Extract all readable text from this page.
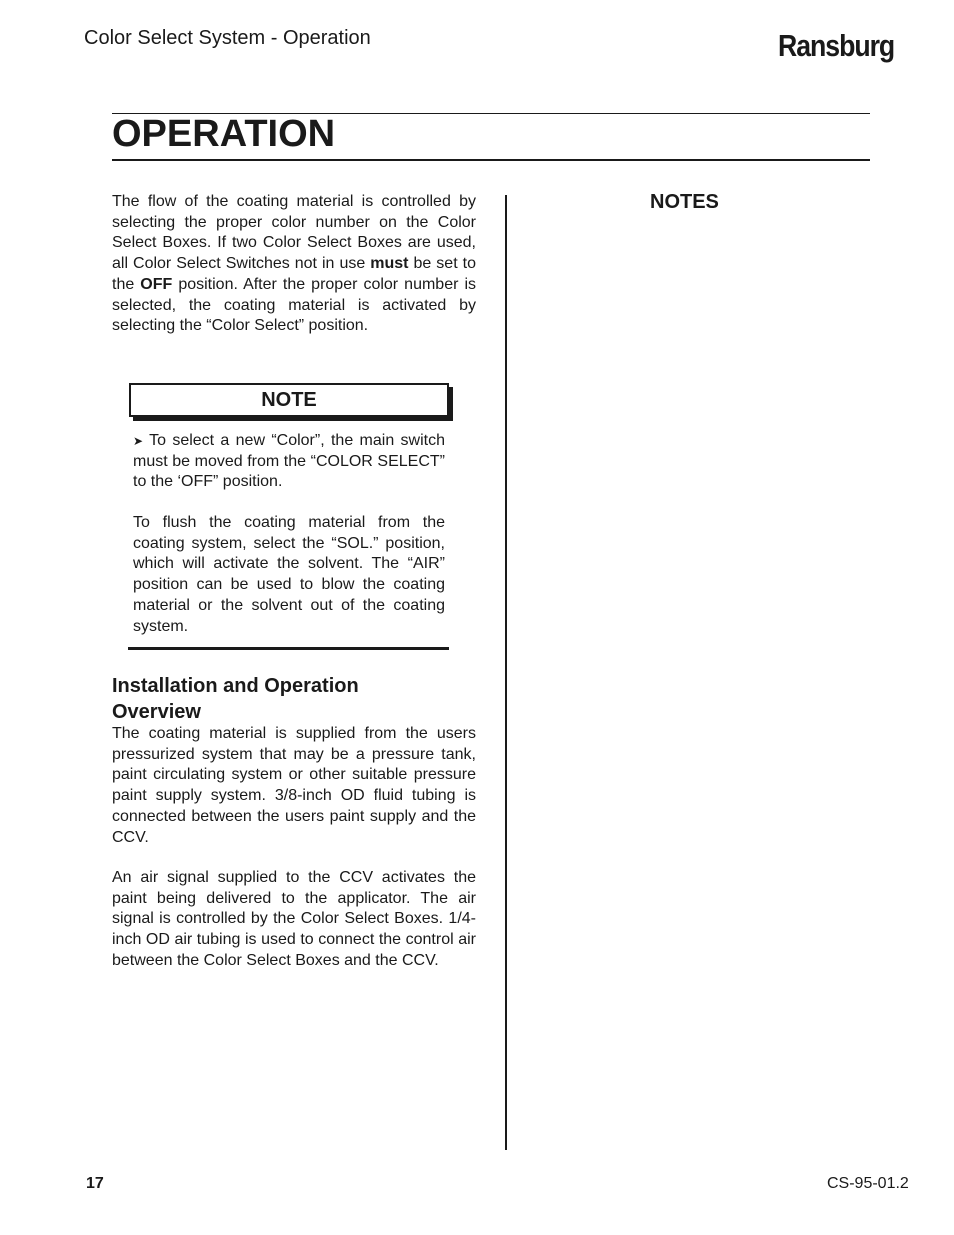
Color Select System - Operation	Ransburg
OPERATION

The flow of the coating material is controlled by selecting the proper color number on the Color Select Boxes. If two Color Select Boxes are used, all Color Select Switches not in use must be set to the OFF position. After the proper color number is selected, the coating material is activated by selecting the “Color Select” position.

NOTE

➤ To select a new “Color”, the main switch must be moved from the “COLOR SELECT” to the ‘OFF” position.

To flush the coating material from the coating system, select the “SOL.” position, which will activate the solvent. The “AIR” position can be used to blow the coating material or the solvent out of the coating system.

Installation and Operation Overview

The coating material is supplied from the users pressurized system that may be a pressure tank, paint circulating system or other suitable pressure paint supply system. 3/8-inch OD fluid tubing is connected between the users paint supply and the CCV.

An air signal supplied to the CCV activates the paint being delivered to the applicator. The air signal is controlled by the Color Select Boxes. 1/4-inch OD air tubing is used to connect the control air between the Color Select Boxes and the CCV.

NOTES
17	CS-95-01.2
